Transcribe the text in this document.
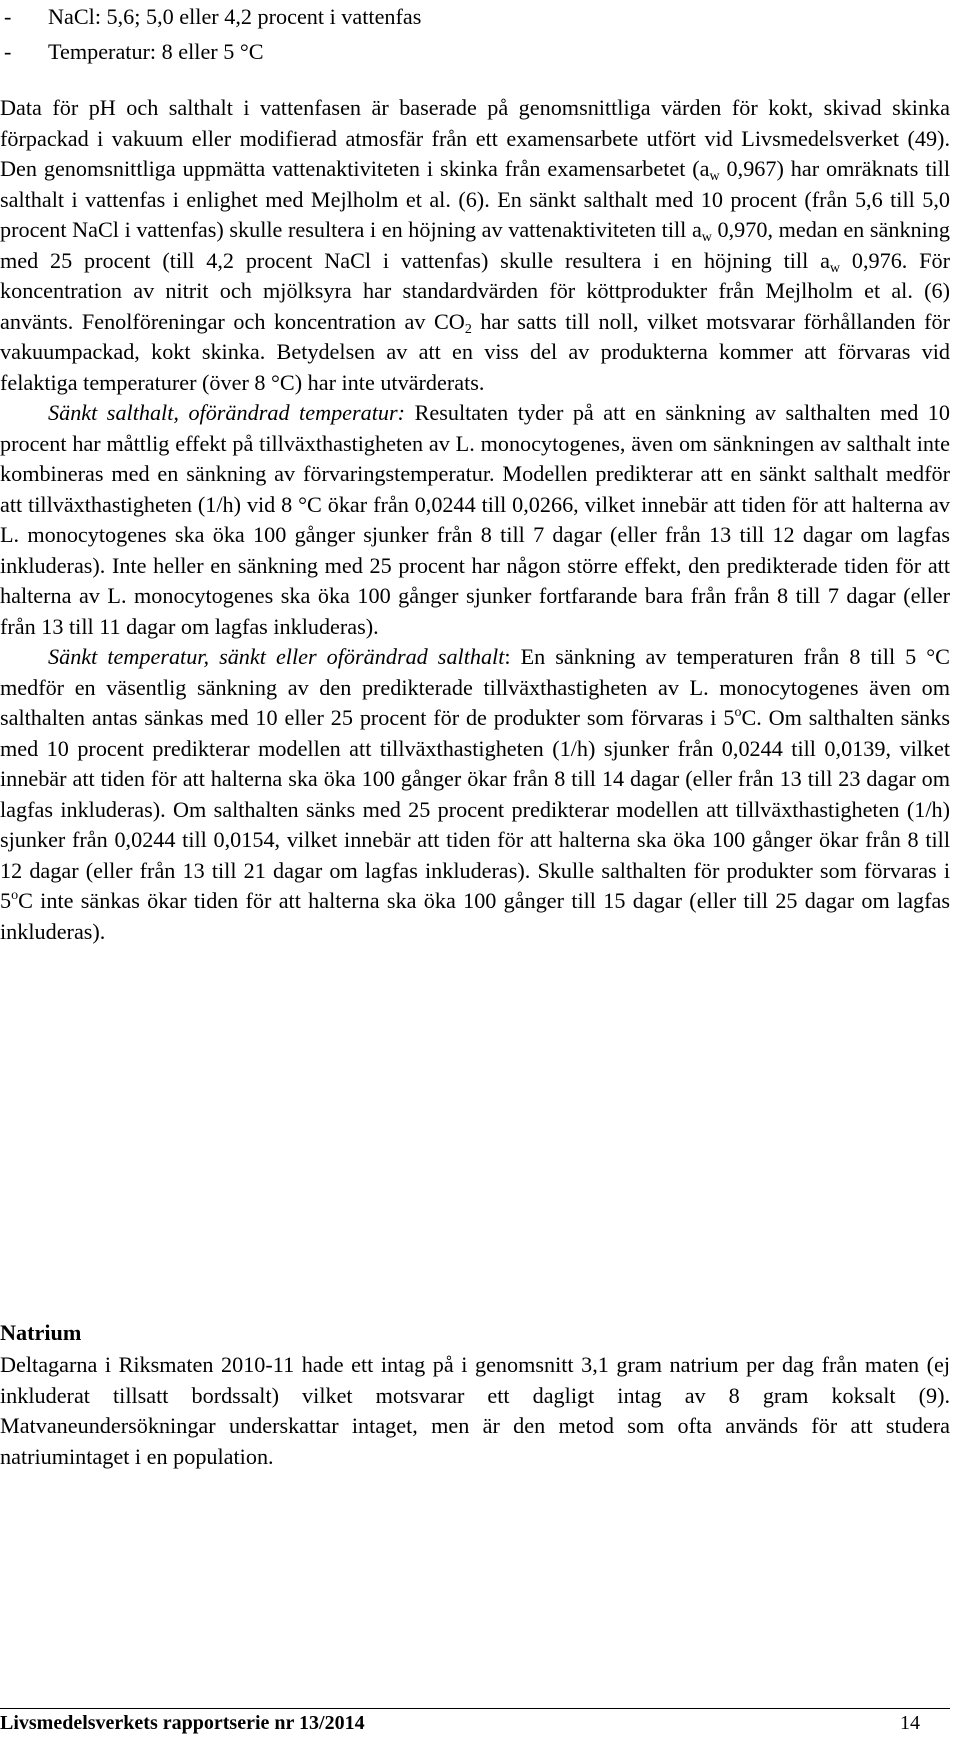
-	NaCl: 5,6; 5,0 eller 4,2 procent i vattenfas
-	Temperatur: 8 eller 5 °C

Data för pH och salthalt i vattenfasen är baserade på genomsnittliga värden för kokt, skivad skinka förpackad i vakuum eller modifierad atmosfär från ett examensarbete utfört vid Livsmedelsverket (49). Den genomsnittliga uppmätta vattenaktiviteten i skinka från examensarbetet ($a_w$ 0,967) har omräknats till salthalt i vattenfas i enlighet med Mejlholm et al. (6). En sänkt salthalt med 10 procent (från 5,6 till 5,0 procent NaCl i vattenfas) skulle resultera i en höjning av vattenaktiviteten till $a_w$ 0,970, medan en sänkning med 25 procent (till 4,2 procent NaCl i vattenfas) skulle resultera i en höjning till $a_w$ 0,976. För koncentration av nitrit och mjölksyra har standardvärden för köttprodukter från Mejlholm et al. (6) använts. Fenolföreningar och koncentration av $CO_2$ har satts till noll, vilket motsvarar förhållanden för vakuumpackad, kokt skinka. Betydelsen av att en viss del av produkterna kommer att förvaras vid felaktiga temperaturer (över 8 °C) har inte utvärderats.

Sänkt salthalt, oförändrad temperatur: Resultaten tyder på att en sänkning av salthalten med 10 procent har måttlig effekt på tillväxthastigheten av L. monocytogenes, även om sänkningen av salthalt inte kombineras med en sänkning av förvaringstemperatur. Modellen predikterar att en sänkt salthalt medför att tillväxthastigheten (1/h) vid 8 °C ökar från 0,0244 till 0,0266, vilket innebär att tiden för att halterna av L. monocytogenes ska öka 100 gånger sjunker från 8 till 7 dagar (eller från 13 till 12 dagar om lagfas inkluderas). Inte heller en sänkning med 25 procent har någon större effekt, den predikterade tiden för att halterna av L. monocytogenes ska öka 100 gånger sjunker fortfarande bara från från 8 till 7 dagar (eller från 13 till 11 dagar om lagfas inkluderas).

Sänkt temperatur, sänkt eller oförändrad salthalt: En sänkning av temperaturen från 8 till 5 °C medför en väsentlig sänkning av den predikterade tillväxthastigheten av L. monocytogenes även om salthalten antas sänkas med 10 eller 25 procent för de produkter som förvaras i 5$^o$C. Om salthalten sänks med 10 procent predikterar modellen att tillväxthastigheten (1/h) sjunker från 0,0244 till 0,0139, vilket innebär att tiden för att halterna ska öka 100 gånger ökar från 8 till 14 dagar (eller från 13 till 23 dagar om lagfas inkluderas). Om salthalten sänks med 25 procent predikterar modellen att tillväxthastigheten (1/h) sjunker från 0,0244 till 0,0154, vilket innebär att tiden för att halterna ska öka 100 gånger ökar från 8 till 12 dagar (eller från 13 till 21 dagar om lagfas inkluderas). Skulle salthalten för produkter som förvaras i 5$^o$C inte sänkas ökar tiden för att halterna ska öka 100 gånger till 15 dagar (eller till 25 dagar om lagfas inkluderas).

Natrium

Deltagarna i Riksmaten 2010-11 hade ett intag på i genomsnitt 3,1 gram natrium per dag från maten (ej inkluderat tillsatt bordssalt) vilket motsvarar ett dagligt intag av 8 gram koksalt (9). Matvaneundersökningar underskattar intaget, men är den metod som ofta används för att studera natriumintaget i en population.

Livsmedelsverkets rapportserie nr 13/2014	14
